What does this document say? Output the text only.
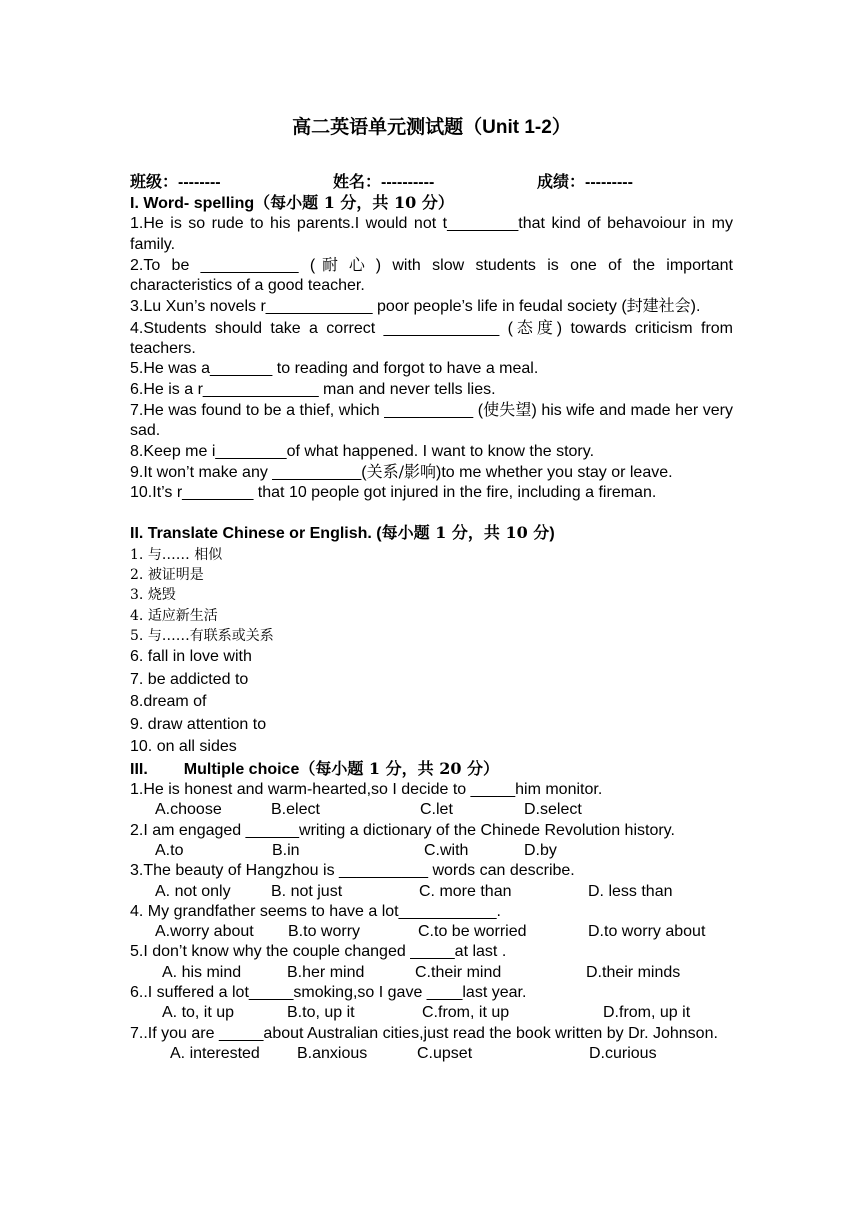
高二英语单元测试题（Unit 1-2）
班级：--------	姓名：----------	成绩：---------
I. Word- spelling（每小题 1 分，共 10 分）
1.He is so rude to his parents.I would not t________that kind of behavoiour in my family.
2.To be ___________ (耐心) with slow students is one of the important characteristics of a good teacher.
3.Lu Xun’s novels r____________ poor people’s life in feudal society (封建社会).
4.Students should take a correct _____________ (态度) towards criticism from teachers.
5.He was a_______ to reading and forgot to have a meal.
6.He is a r_____________ man and never tells lies.
7.He was found to be a thief, which __________ (使失望) his wife and made her very sad.
8.Keep me i________of what happened. I want to know the story.
9.It won’t make any __________(关系/影响)to me whether you stay or leave.
10.It’s r________ that 10 people got injured in the fire, including a fireman.
II. Translate Chinese or English. (每小题 1 分，共 10 分)
1. 与…… 相似
2. 被证明是
3. 烧毁
4. 适应新生活
5. 与……有联系或关系
6. fall in love with
7. be addicted to
8.dream of
9. draw attention to
10. on all sides
III. Multiple choice（每小题 1 分，共 20 分）
1.He is honest and warm-hearted,so I decide to _____him monitor.
A.choose	B.elect	C.let	D.select
2.I am engaged ______writing a dictionary of the Chinede Revolution history.
A.to	B.in	C.with	D.by
3.The beauty of Hangzhou is __________ words can describe.
A. not only	B. not just	C. more than	D. less than
4. My grandfather seems to have a lot___________.
A.worry about B.to worry	C.to be worried	D.to worry about
5.I don’t know why the couple changed _____at last .
A. his mind	B.her mind	C.their mind	D.their minds
6..I suffered a lot_____smoking,so I gave ____last year.
A. to, it up	B.to, up it	C.from, it up	D.from, up it
7..If you are _____about Australian cities,just read the book written by Dr. Johnson.
A. interested B.anxious	C.upset	D.curious
